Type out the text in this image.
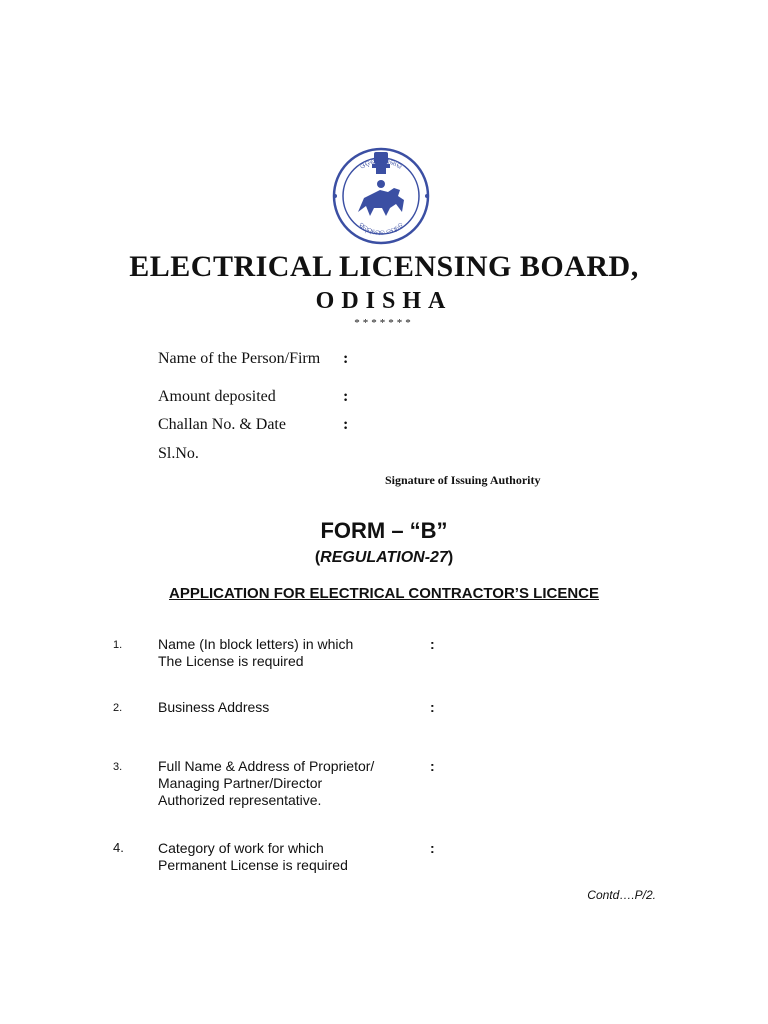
ଓଡ଼ିଶା ସରକାର
ସତ୍ୟମେବ ଜୟତେ

ELECTRICAL LICENSING BOARD,

ODISHA

*******

Name of the Person/Firm :
Amount deposited	:
Challan No. & Date	:
Sl.No.
Signature of Issuing Authority

FORM – “B”

(REGULATION-27)

APPLICATION FOR ELECTRICAL CONTRACTOR’S LICENCE

1.	Name (In block letters) in which
The License is required
:
2.	Business Address	:
3.	Full Name & Address of Proprietor/
Managing Partner/Director
Authorized representative.
:
4. Category of work for which
Permanent License is required
:
Contd….P/2.
